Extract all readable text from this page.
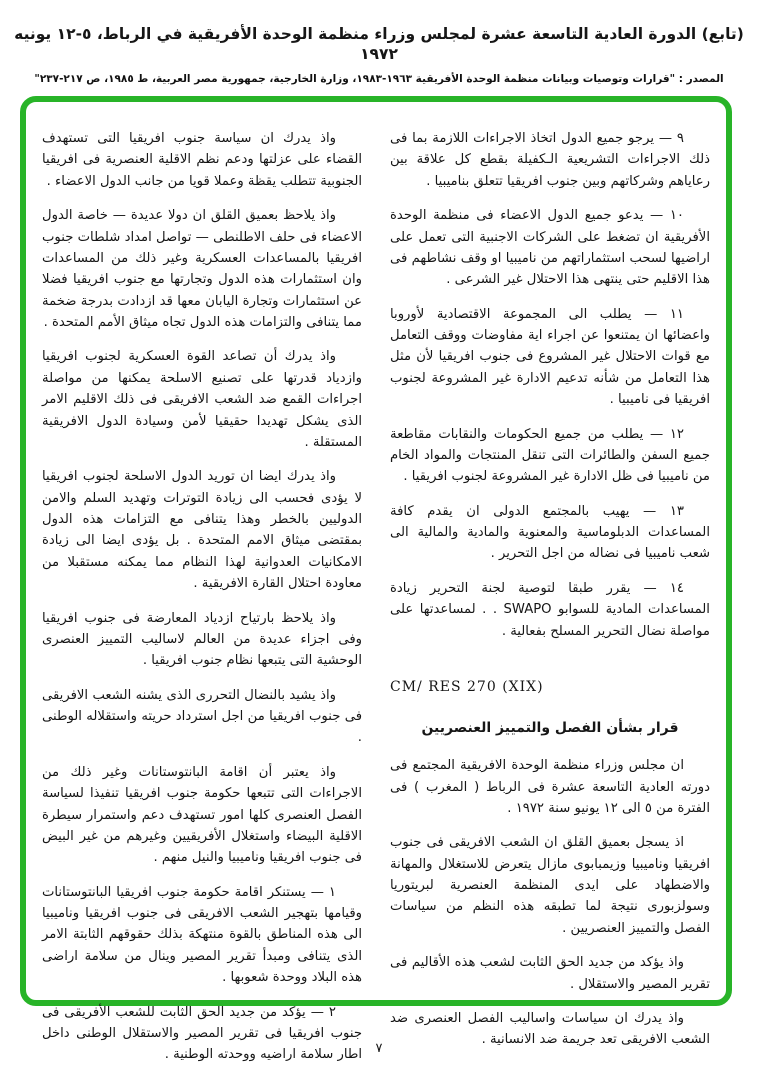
(تابع) الدورة العادية التاسعة عشرة لمجلس وزراء منظمة الوحدة الأفريقية في الرباط، ٥-١٢ يونيه ١٩٧٢
المصدر : "قرارات وتوصيات وبيانات منظمة الوحدة الأفريقية ١٩٦٣-١٩٨٣، وزارة الخارجية، جمهورية مصر العربية، ط ١٩٨٥، ص ٢١٧-٢٣٧"

٩ — يرجو جميع الدول اتخاذ الاجراءات اللازمة بما فى ذلك الاجراءات التشريعية الـكفيلة بقطع كل علاقة بين رعاياهم وشركاتهم وبين جنوب افريقيا تتعلق بناميبيا .

١٠ — يدعو جميع الدول الاعضاء فى منظمة الوحدة الأفريقية ان تضغط على الشركات الاجنبية التى تعمل على اراضيها لسحب استثماراتهم من ناميبيا او وقف نشاطهم فى هذا الاقليم حتى ينتهى هذا الاحتلال غير الشرعى .

١١ — يطلب الى المجموعة الاقتصادية لأوروبا واعضائها ان يمتنعوا عن اجراء اية مفاوضات ووقف التعامل مع قوات الاحتلال غير المشروع فى جنوب افريقيا لأن مثل هذا التعامل من شأنه تدعيم الادارة غير المشروعة لجنوب افريقيا فى ناميبيا .

١٢ — يطلب من جميع الحكومات والنقابات مقاطعة جميع السفن والطائرات التى تنقل المنتجات والمواد الخام من ناميبيا فى ظل الادارة غير المشروعة لجنوب افريقيا .

١٣ — يهيب بالمجتمع الدولى ان يقدم كافة المساعدات الدبلوماسية والمعنوية والمادية والمالية الى شعب ناميبيا فى نضاله من اجل التحرير .

١٤ — يقرر طبقا لتوصية لجنة التحرير زيادة المساعدات المادية للسوابو SWAPO . . لمساعدتها على مواصلة نضال التحرير المسلح بفعالية .

CM/ RES 270 (XIX)

قرار بشأن الفصل والتمييز العنصريين

ان مجلس وزراء منظمة الوحدة الافريقية المجتمع فى دورته العادية التاسعة عشرة فى الرباط ( المغرب ) فى الفترة من ٥ الى ١٢ يونيو سنة ١٩٧٢ .

اذ يسجل بعميق القلق ان الشعب الافريقى فى جنوب افريقيا وناميبيا وزيمبابوى مازال يتعرض للاستغلال والمهانة والاضطهاد على ايدى المنظمة العنصرية لبريتوريا وسولزبورى نتيجة لما تطبقه هذه النظم من سياسات الفصل والتمييز العنصريين .

واذ يؤكد من جديد الحق الثابت لشعب هذه الأقاليم فى تقرير المصير والاستقلال .

واذ يدرك ان سياسات واساليب الفصل العنصرى ضد الشعب الافريقى تعد جريمة ضد الانسانية .

واذ يدرك ان سياسة جنوب افريقيا التى تستهدف القضاء على عزلتها ودعم نظم الاقلية العنصرية فى افريقيا الجنوبية تتطلب يقظة وعملا قويا من جانب الدول الاعضاء .

واذ يلاحظ بعميق القلق ان دولا عديدة — خاصة الدول الاعضاء فى حلف الاطلنطى — تواصل امداد شلطات جنوب افريقيا بالمساعدات العسكرية وغير ذلك من المساعدات وان استثمارات هذه الدول وتجارتها مع جنوب افريقيا فضلا عن استثمارات وتجارة اليابان معها قد ازدادت بدرجة ضخمة مما يتنافى والتزامات هذه الدول تجاه ميثاق الأمم المتحدة .

واذ يدرك أن تصاعد القوة العسكرية لجنوب افريقيا وازدياد قدرتها على تصنيع الاسلحة يمكنها من مواصلة اجراءات القمع ضد الشعب الافريقى فى ذلك الاقليم الامر الذى يشكل تهديدا حقيقيا لأمن وسيادة الدول الافريقية المستقلة .

واذ يدرك ايضا ان توريد الدول الاسلحة لجنوب افريقيا لا يؤدى فحسب الى زيادة التوترات وتهديد السلم والامن الدوليين بالخطر وهذا يتنافى مع التزامات هذه الدول بمقتضى ميثاق الامم المتحدة . بل يؤدى ايضا الى زيادة الامكانيات العدوانية لهذا النظام مما يمكنه مستقبلا من معاودة احتلال القارة الافريقية .

واذ يلاحظ بارتياح ازدياد المعارضة فى جنوب افريقيا وفى اجزاء عديدة من العالم لاساليب التمييز العنصرى الوحشية التى يتبعها نظام جنوب افريقيا .

واذ يشيد بالنضال التحررى الذى يشنه الشعب الافريقى فى جنوب افريقيا من اجل استرداد حريته واستقلاله الوطنى .

واذ يعتبر أن اقامة البانتوستانات وغير ذلك من الاجراءات التى تتبعها حكومة جنوب افريقيا تنفيذا لسياسة الفصل العنصرى كلها امور تستهدف دعم واستمرار سيطرة الاقلية البيضاء واستغلال الأفريقيين وغيرهم من غير البيض فى جنوب افريقيا وناميبيا والنيل منهم .

١ — يستنكر اقامة حكومة جنوب افريقيا البانتوستانات وقيامها بتهجير الشعب الافريقى فى جنوب افريقيا وناميبيا الى هذه المناطق بالقوة منتهكة بذلك حقوقهم الثابتة الامر الذى يتنافى ومبدأ تقرير المصير وينال من سلامة اراضى هذه البلاد ووحدة شعوبها .

٢ — يؤكد من جديد الحق الثابت للشعب الأفريقى فى جنوب افريقيا فى تقرير المصير والاستقلال الوطنى داخل اطار سلامة اراضيه ووحدته الوطنية .	٧
